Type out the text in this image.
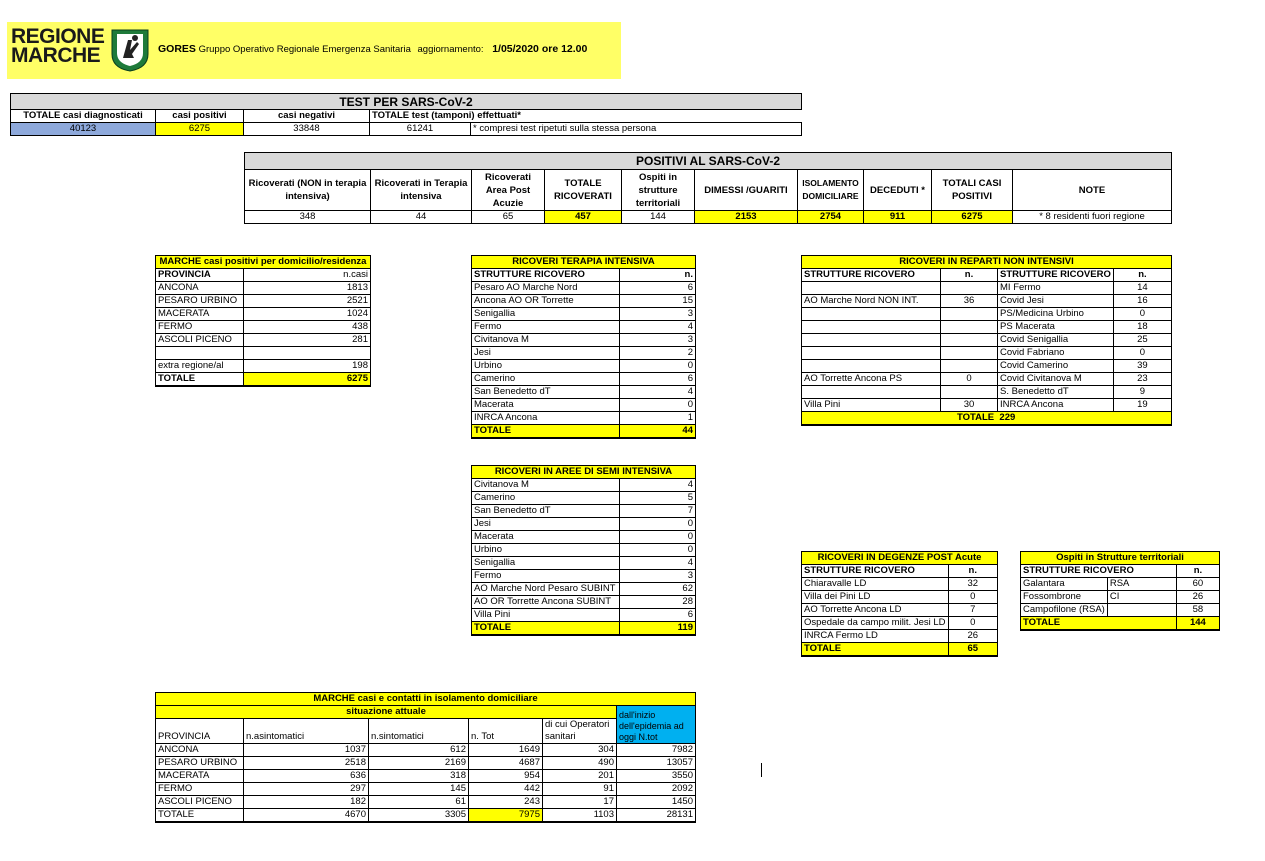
REGIONE
MARCHE	GORES Gruppo Operativo Regionale Emergenza Sanitaria aggiornamento: 1/05/2020 ore 12.00
TEST PER SARS-CoV-2				
TOTALE casi diagnosticati	casi positivi	casi negativi	TOTALE test (tamponi) effettuati*	
40123	6275	33848	61241	* compresi test ripetuti sulla stessa persona
POSITIVI AL SARS-CoV-2									
Ricoverati (NON in terapia intensiva)	Ricoverati in Terapia intensiva	Ricoverati Area Post Acuzie	TOTALE RICOVERATI	Ospiti in strutture territoriali	DIMESSI /GUARITI	ISOLAMENTO DOMICILIARE	DECEDUTI *	TOTALI CASI POSITIVI	NOTE
348	44	65	457	144	2153	2754	911	6275	* 8 residenti fuori regione
MARCHE casi positivi per domicilio/residenza	
PROVINCIA	n.casi
ANCONA	1813
PESARO URBINO	2521
MACERATA	1024
FERMO	438
ASCOLI PICENO	281

extra regione/al	198
TOTALE	6275
RICOVERI TERAPIA INTENSIVA	
STRUTTURE RICOVERO	n.
Pesaro AO Marche Nord	6
Ancona AO OR Torrette	15
Senigallia	3
Fermo	4
Civitanova M	3
Jesi	2
Urbino	0
Camerino	6
San Benedetto dT	4
Macerata	0
INRCA Ancona	1
TOTALE	44
RICOVERI IN AREE DI SEMI INTENSIVA	
Civitanova M	4
Camerino	5
San Benedetto dT	7
Jesi	0
Macerata	0
Urbino	0
Senigallia	4
Fermo	3
AO Marche Nord Pesaro SUBINT	62
AO OR Torrette Ancona SUBINT	28
Villa Pini	6
TOTALE	119
RICOVERI IN REPARTI NON INTENSIVI			
STRUTTURE RICOVERO	n.	STRUTTURE RICOVERO	n.
		MI Fermo	14
AO Marche Nord NON INT.	36	Covid Jesi	16
		PS/Medicina Urbino	0
		PS Macerata	18
		Covid Senigallia	25
		Covid Fabriano	0
		Covid Camerino	39
AO Torrette Ancona PS	0	Covid Civitanova M	23
		S. Benedetto dT	9
Villa Pini	30	INRCA Ancona	19
TOTALE 229			
RICOVERI IN DEGENZE POST Acute	
STRUTTURE RICOVERO	n.
Chiaravalle LD	32
Villa dei Pini LD	0
AO Torrette Ancona LD	7
Ospedale da campo milit. Jesi LD	0
INRCA Fermo LD	26
TOTALE	65
Ospiti in Strutture territoriali		
STRUTTURE RICOVERO		n.
Galantara	RSA	60
Fossombrone	CI	26
Campofilone (RSA)		58
TOTALE		144
MARCHE casi e contatti in isolamento domiciliare					
situazione attuale					dall'inizio dell'epidemia ad oggi N.tot
PROVINCIA	n.asintomatici	n.sintomatici	n. Tot	di cui Operatori sanitari	

ANCONA	1037	612	1649	304	7982
PESARO URBINO	2518	2169	4687	490	13057
MACERATA	636	318	954	201	3550
FERMO	297	145	442	91	2092
ASCOLI PICENO	182	61	243	17	1450
TOTALE	4670	3305	7975	1103	28131
